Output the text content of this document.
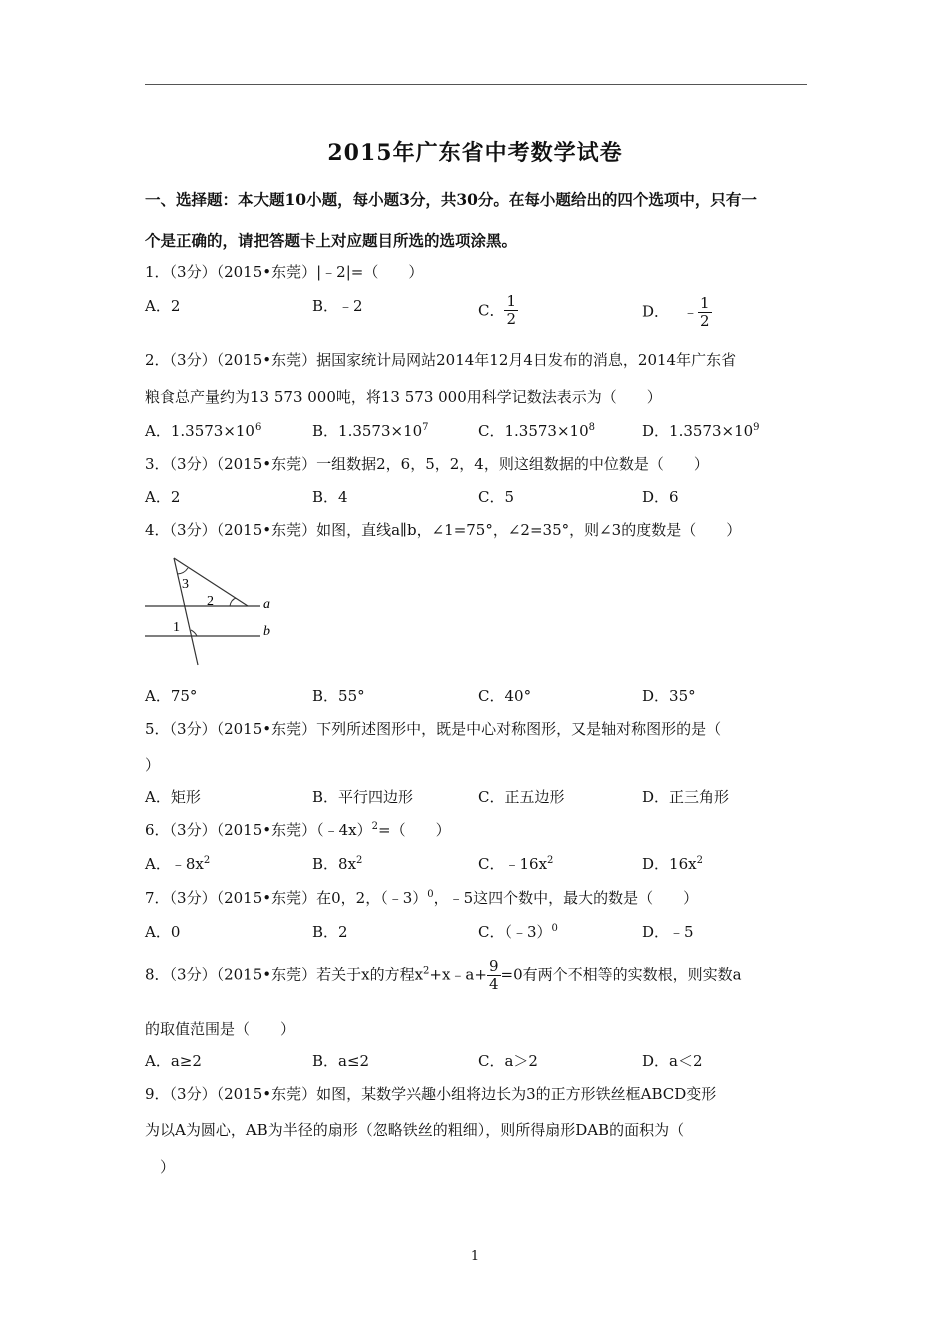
2015年广东省中考数学试卷
一、选择题：本大题10小题，每小题3分，共30分。在每小题给出的四个选项中，只有一
个是正确的，请把答题卡上对应题目所选的选项涂黑。
1．（3分）（2015•东莞）|﹣2|=（　　）
A．2	B．﹣2	C． $\frac{1}{2}$	D． ﹣ $\frac{1}{2}$
2．（3分）（2015•东莞）据国家统计局网站2014年12月4日发布的消息，2014年广东省
粮食总产量约为13 573 000吨，将13 573 000用科学记数法表示为（　　）
A．$1.3573\times 10^6$	B．$1.3573\times 10^7$	C．$1.3573\times 10^8$	D．$1.3573\times 10^9$
3．（3分）（2015•东莞）一组数据2，6，5，2，4，则这组数据的中位数是（　　）
A．2	B．4	C．5	D．6
4．（3分）（2015•东莞）如图，直线a∥b，∠1=75°，∠2=35°，则∠3的度数是（　　）
3
2
1
a
b
A．75°	B．55°	C．40°	D．35°
5．（3分）（2015•东莞）下列所述图形中，既是中心对称图形，又是轴对称图形的是（
）
A．矩形	B．平行四边形	C．正五边形	D．正三角形
6．（3分）（2015•东莞）（﹣4x）$^2$=（　　）
A．$﹣8x^2$	B．$8x^2$	C．$﹣16x^2$	D．$16x^2$
7．（3分）（2015•东莞）在0，2，（﹣3）$^0$，﹣5这四个数中，最大的数是（　　）
A．0	B．2	C．（﹣3）$^0$	D．﹣5
8．（3分）（2015•东莞）若关于x的方程$x^2+x﹣a+ \frac{9}{4} =0$有两个不相等的实数根，则实数a
的取值范围是（　　）
A．a≥2	B．a≤2	C．a＞2	D．a＜2
9．（3分）（2015•东莞）如图，某数学兴趣小组将边长为3的正方形铁丝框ABCD变形
为以A为圆心，AB为半径的扇形（忽略铁丝的粗细），则所得扇形DAB的面积为（
）
1
